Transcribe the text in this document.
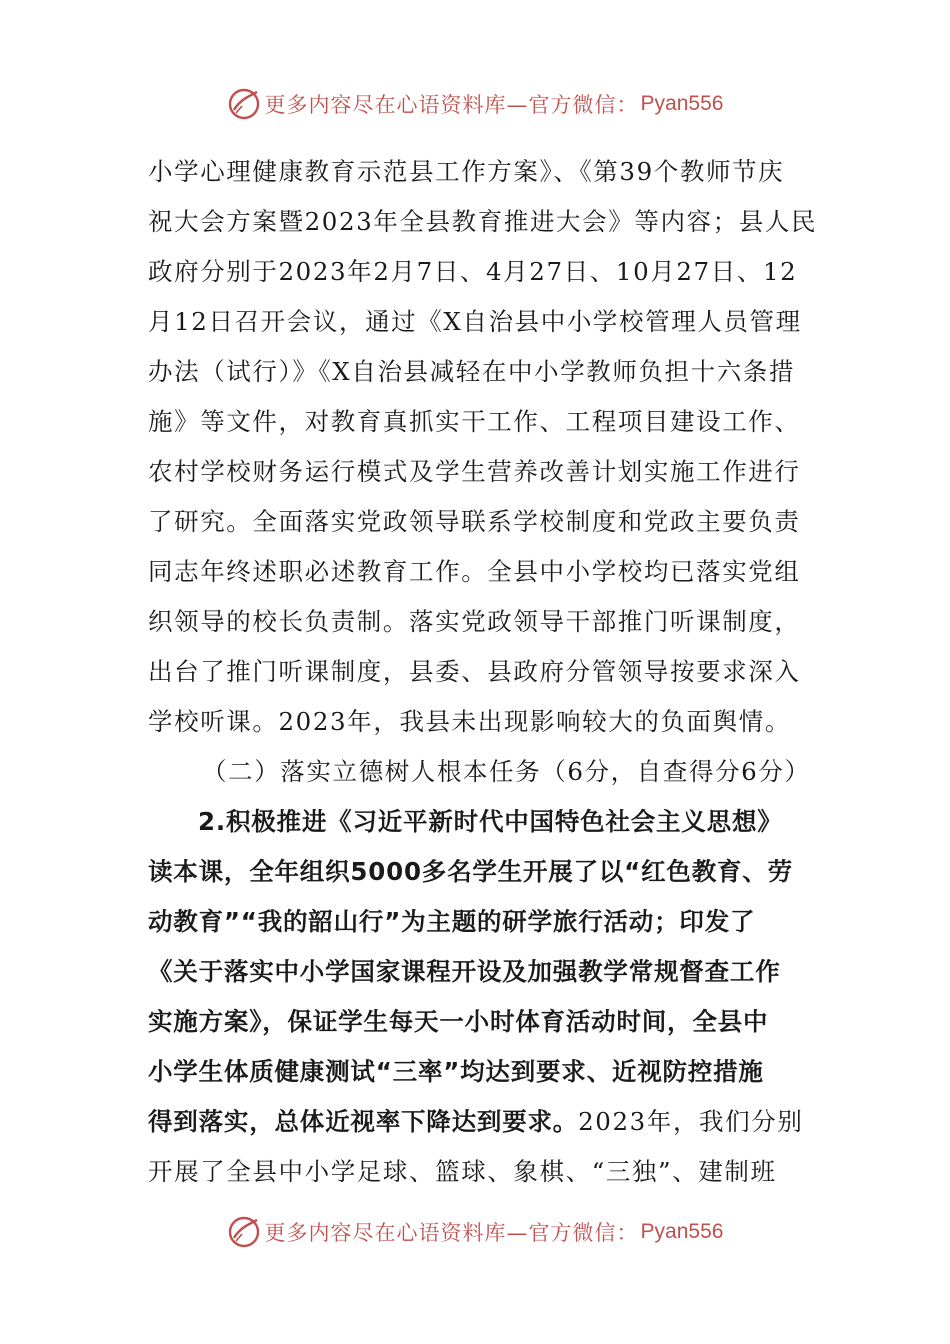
更多内容尽在心语资料库—官方微信： Pyan556
小学心理健康教育示范县工作方案》、《第39个教师节庆
祝大会方案暨2023年全县教育推进大会》等内容；县人民
政府分别于2023年2月7日、4月27日、10月27日、12
月12日召开会议，通过《X自治县中小学校管理人员管理
办法（试行）》《X自治县减轻在中小学教师负担十六条措
施》等文件，对教育真抓实干工作、工程项目建设工作、
农村学校财务运行模式及学生营养改善计划实施工作进行
了研究。全面落实党政领导联系学校制度和党政主要负责
同志年终述职必述教育工作。全县中小学校均已落实党组
织领导的校长负责制。落实党政领导干部推门听课制度，
出台了推门听课制度，县委、县政府分管领导按要求深入
学校听课。2023年，我县未出现影响较大的负面舆情。
（二）落实立德树人根本任务（6分，自查得分6分）
2.积极推进《习近平新时代中国特色社会主义思想》
读本课，全年组织5000多名学生开展了以“红色教育、劳
动教育”“我的韶山行”为主题的研学旅行活动；印发了
《关于落实中小学国家课程开设及加强教学常规督查工作
实施方案》，保证学生每天一小时体育活动时间，全县中
小学生体质健康测试“三率”均达到要求、近视防控措施
得到落实，总体近视率下降达到要求。2023年，我们分别
开展了全县中小学足球、篮球、象棋、“三独”、建制班
更多内容尽在心语资料库—官方微信： Pyan556
